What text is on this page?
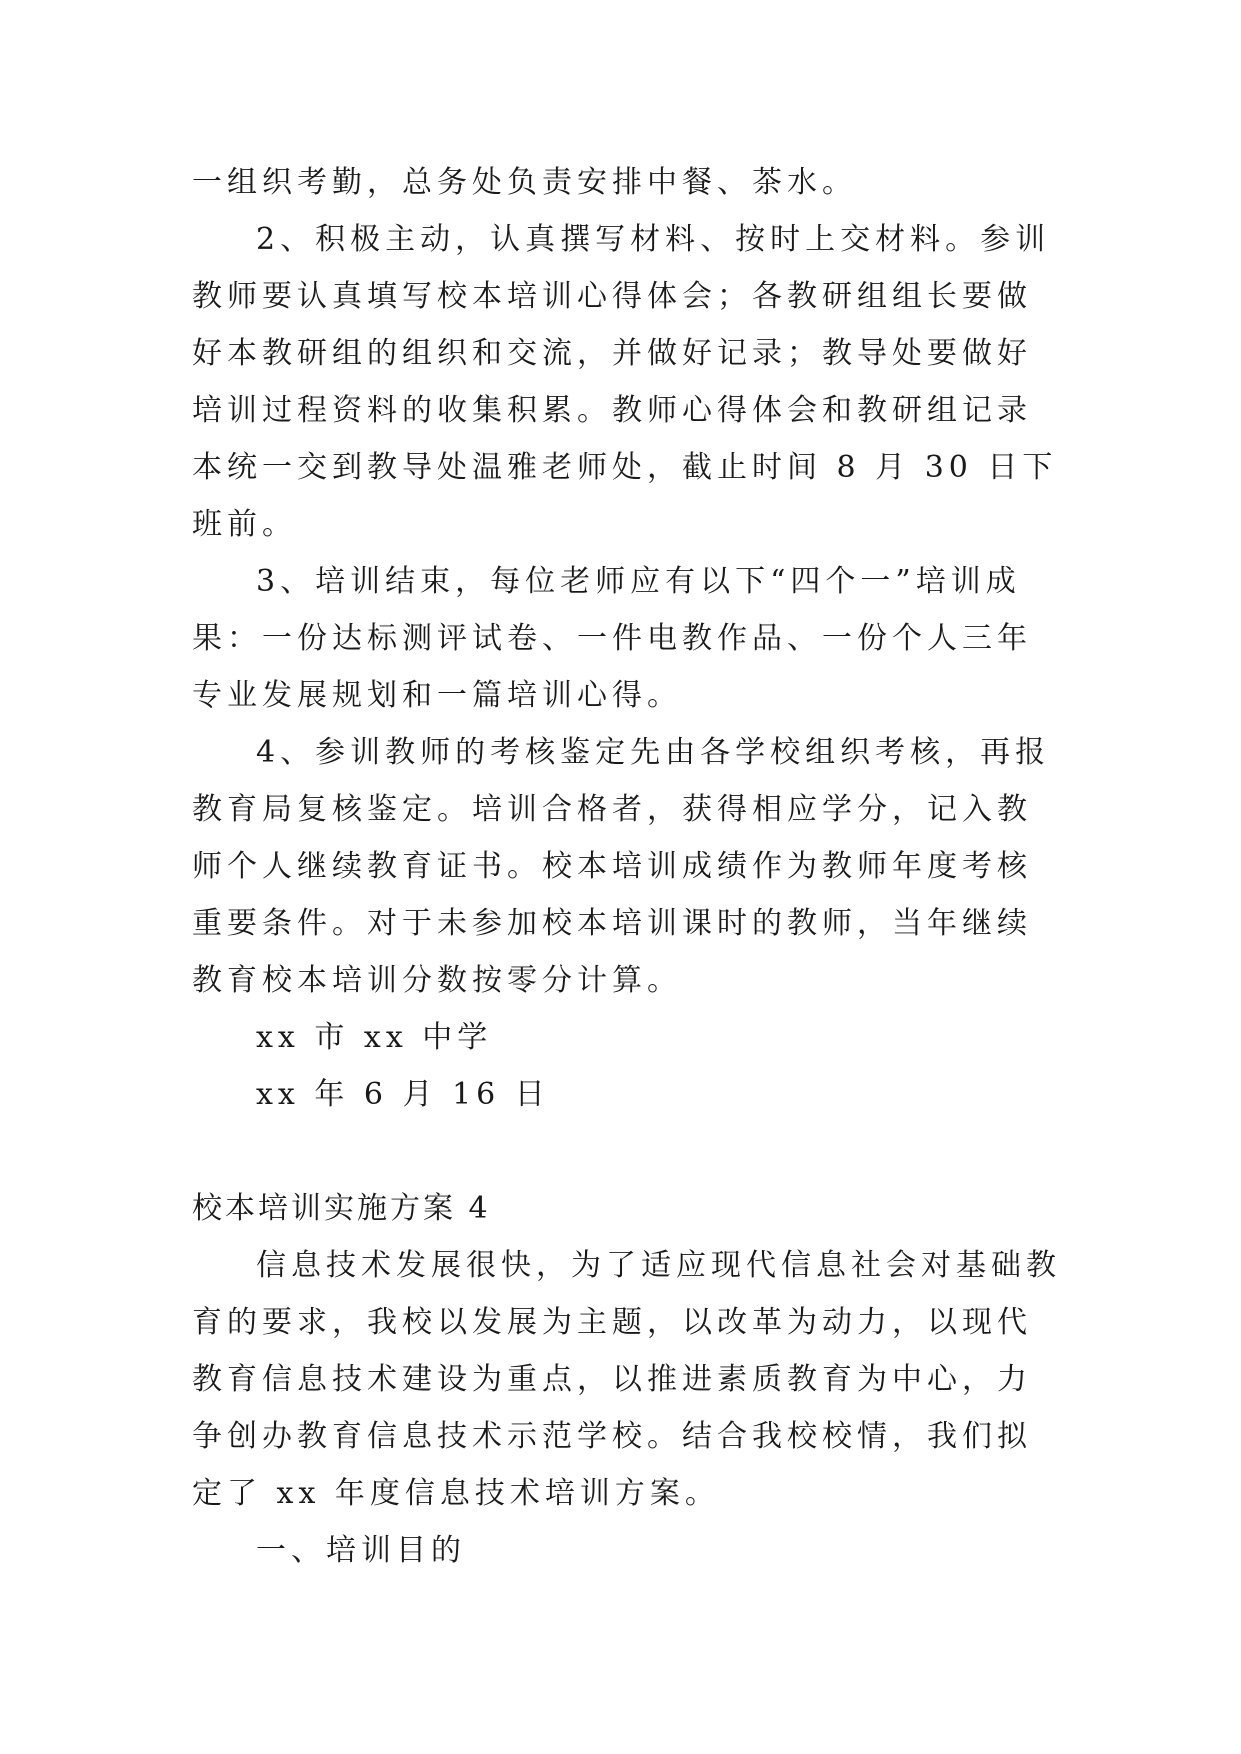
一组织考勤，总务处负责安排中餐、茶水。

2、积极主动，认真撰写材料、按时上交材料。参训教师要认真填写校本培训心得体会；各教研组组长要做好本教研组的组织和交流，并做好记录；教导处要做好培训过程资料的收集积累。教师心得体会和教研组记录本统一交到教导处温雅老师处，截止时间 8 月 30 日下班前。

3、培训结束，每位老师应有以下“四个一”培训成果：一份达标测评试卷、一件电教作品、一份个人三年专业发展规划和一篇培训心得。

4、参训教师的考核鉴定先由各学校组织考核，再报教育局复核鉴定。培训合格者，获得相应学分，记入教师个人继续教育证书。校本培训成绩作为教师年度考核重要条件。对于未参加校本培训课时的教师，当年继续教育校本培训分数按零分计算。

xx 市 xx 中学

xx 年 6 月 16 日

校本培训实施方案 4

信息技术发展很快，为了适应现代信息社会对基础教育的要求，我校以发展为主题，以改革为动力，以现代教育信息技术建设为重点，以推进素质教育为中心，力争创办教育信息技术示范学校。结合我校校情，我们拟定了 xx 年度信息技术培训方案。

一、培训目的
